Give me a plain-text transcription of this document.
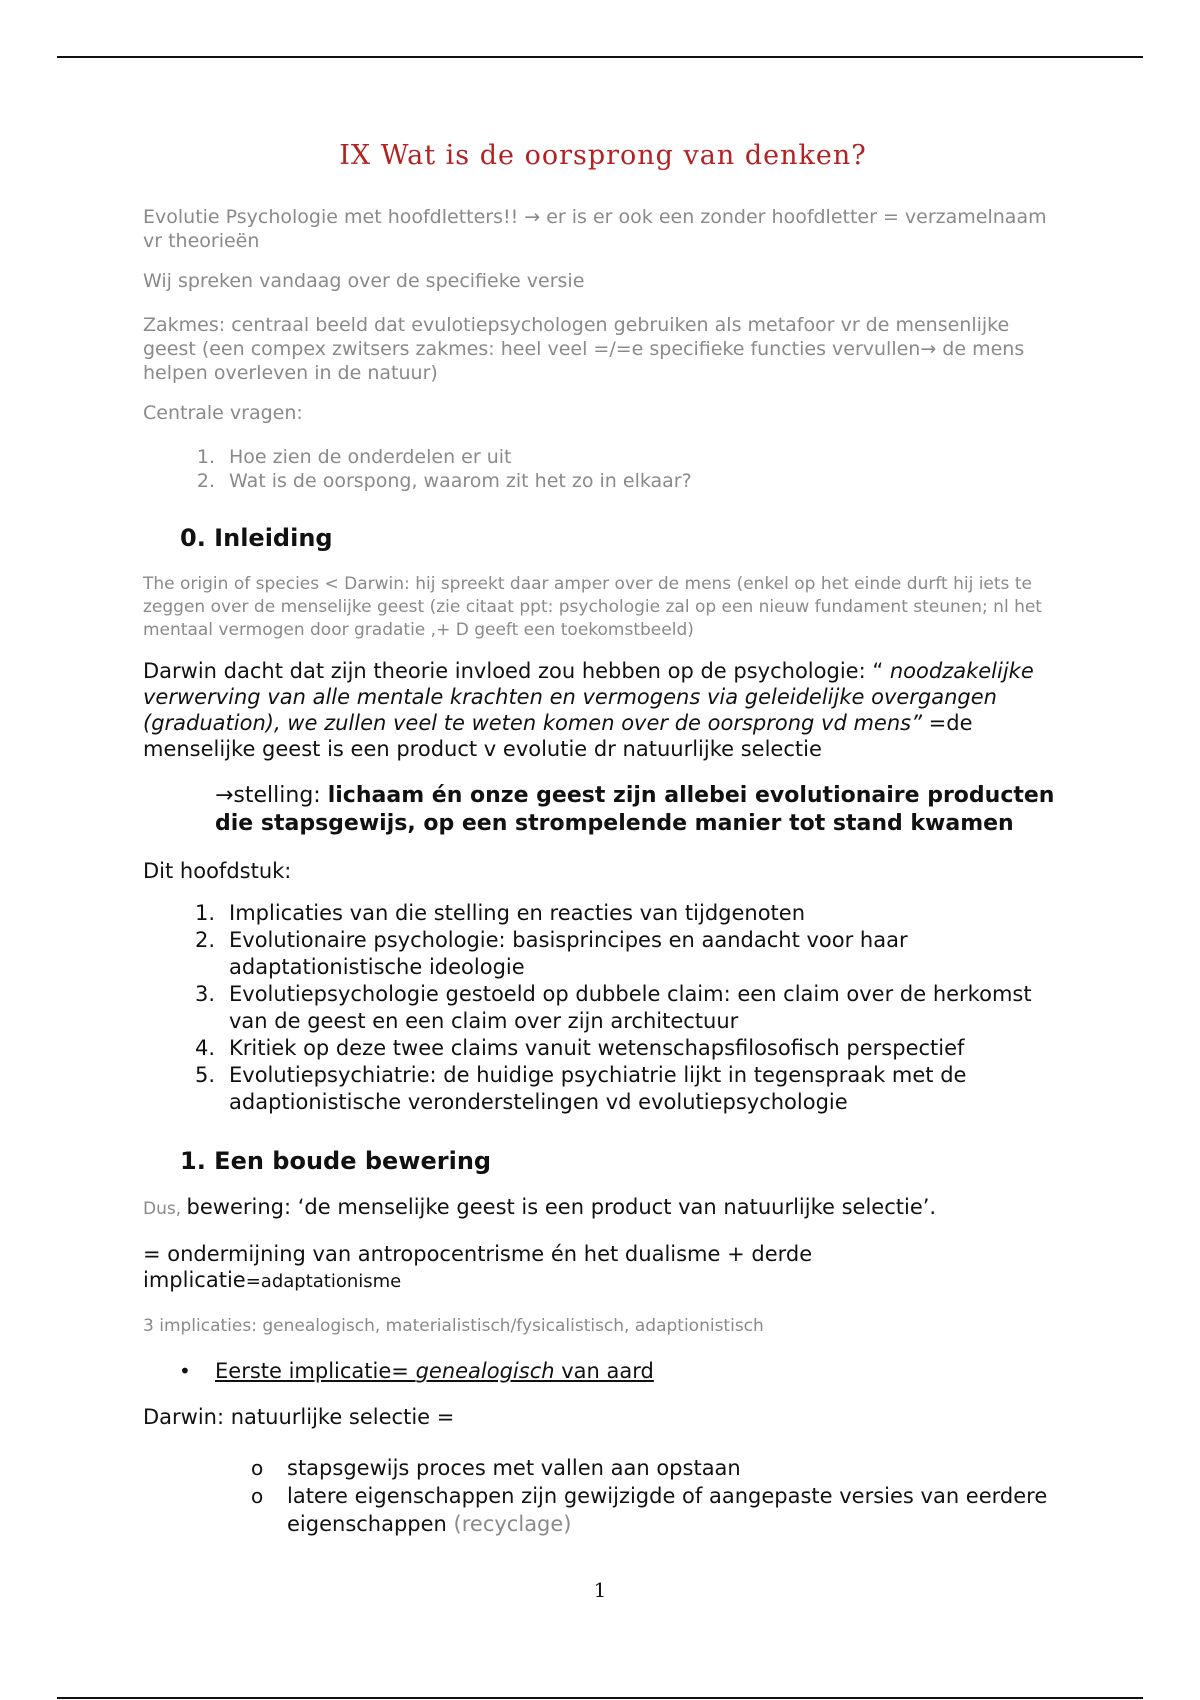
IX Wat is de oorsprong van denken?

Evolutie Psychologie met hoofdletters!! → er is er ook een zonder hoofdletter = verzamelnaam vr theorieën

Wij spreken vandaag over de specifieke versie

Zakmes: centraal beeld dat evulotiepsychologen gebruiken als metafoor vr de mensenlijke geest (een compex zwitsers zakmes: heel veel =/=e specifieke functies vervullen→ de mens helpen overleven in de natuur)

Centrale vragen:

1. Hoe zien de onderdelen er uit
2. Wat is de oorspong, waarom zit het zo in elkaar?
0. Inleiding

The origin of species < Darwin: hij spreekt daar amper over de mens (enkel op het einde durft hij iets te zeggen over de menselijke geest (zie citaat ppt: psychologie zal op een nieuw fundament steunen; nl het mentaal vermogen door gradatie ,+ D geeft een toekomstbeeld)

Darwin dacht dat zijn theorie invloed zou hebben op de psychologie: “ noodzakelijke verwerving van alle mentale krachten en vermogens via geleidelijke overgangen (graduation), we zullen veel te weten komen over de oorsprong vd mens” =de menselijke geest is een product v evolutie dr natuurlijke selectie

→stelling: lichaam én onze geest zijn allebei evolutionaire producten die stapsgewijs, op een strompelende manier tot stand kwamen

Dit hoofdstuk:

1. Implicaties van die stelling en reacties van tijdgenoten
2. Evolutionaire psychologie: basisprincipes en aandacht voor haar adaptationistische ideologie
3. Evolutiepsychologie gestoeld op dubbele claim: een claim over de herkomst van de geest en een claim over zijn architectuur
4. Kritiek op deze twee claims vanuit wetenschapsfilosofisch perspectief
5. Evolutiepsychiatrie: de huidige psychiatrie lijkt in tegenspraak met de adaptionistische veronderstelingen vd evolutiepsychologie
1. Een boude bewering

Dus, bewering: ‘de menselijke geest is een product van natuurlijke selectie’.

= ondermijning van antropocentrisme én het dualisme + derde implicatie=adaptationisme

3 implicaties: genealogisch, materialistisch/fysicalistisch, adaptionistisch

•	Eerste implicatie= genealogisch van aard

Darwin: natuurlijke selectie =

o	stapsgewijs proces met vallen aan opstaan
o	latere eigenschappen zijn gewijzigde of aangepaste versies van eerdere eigenschappen (recyclage)
1
